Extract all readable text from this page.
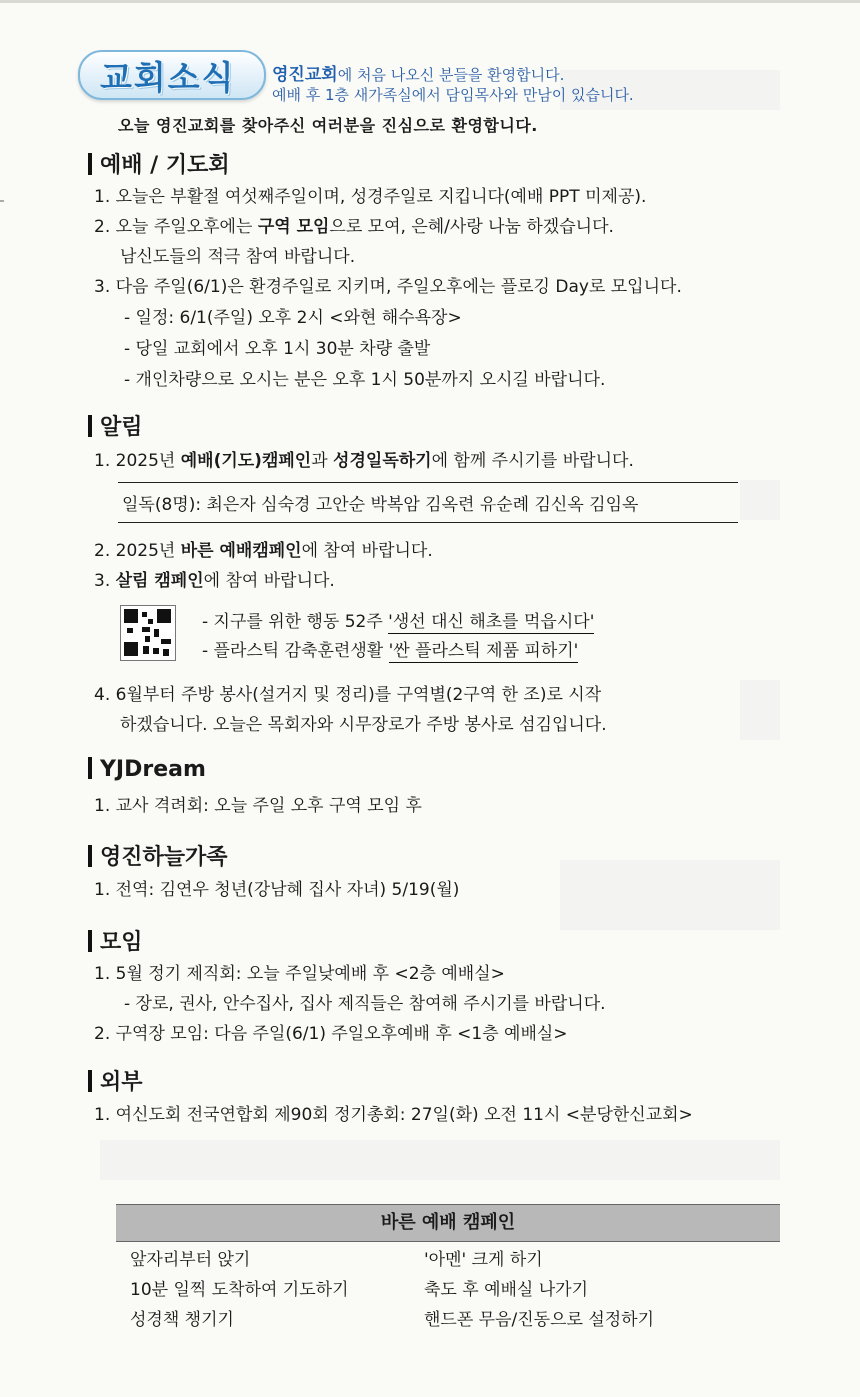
교회소식 영진교회에 처음 나오신 분들을 환영합니다.
예배 후 1층 새가족실에서 담임목사와 만남이 있습니다.
오늘 영진교회를 찾아주신 여러분을 진심으로 환영합니다.
예배 / 기도회
1. 오늘은 부활절 여섯째주일이며, 성경주일로 지킵니다(예배 PPT 미제공).
2. 오늘 주일오후에는 구역 모임으로 모여, 은혜/사랑 나눔 하겠습니다.
남신도들의 적극 참여 바랍니다.
3. 다음 주일(6/1)은 환경주일로 지키며, 주일오후에는 플로깅 Day로 모입니다.
- 일정: 6/1(주일) 오후 2시 <와현 해수욕장>
- 당일 교회에서 오후 1시 30분 차량 출발
- 개인차량으로 오시는 분은 오후 1시 50분까지 오시길 바랍니다.
알림
1. 2025년 예배(기도)캠페인과 성경일독하기에 함께 주시기를 바랍니다.
일독(8명): 최은자 심숙경 고안순 박복암 김옥련 유순례 김신옥 김임옥
2. 2025년 바른 예배캠페인에 참여 바랍니다.
3. 살림 캠페인에 참여 바랍니다.
- 지구를 위한 행동 52주 '생선 대신 해초를 먹읍시다'
- 플라스틱 감축훈련생활 '싼 플라스틱 제품 피하기'
4. 6월부터 주방 봉사(설거지 및 정리)를 구역별(2구역 한 조)로 시작
하겠습니다. 오늘은 목회자와 시무장로가 주방 봉사로 섬김입니다.
YJDream
1. 교사 격려회: 오늘 주일 오후 구역 모임 후
영진하늘가족
1. 전역: 김연우 청년(강남혜 집사 자녀) 5/19(월)
모임
1. 5월 정기 제직회: 오늘 주일낮예배 후 <2층 예배실>
- 장로, 권사, 안수집사, 집사 제직들은 참여해 주시기를 바랍니다.
2. 구역장 모임: 다음 주일(6/1) 주일오후예배 후 <1층 예배실>
외부
1. 여신도회 전국연합회 제90회 정기총회: 27일(화) 오전 11시 <분당한신교회>
바른 예배 캠페인
앞자리부터 앉기	'아멘' 크게 하기
10분 일찍 도착하여 기도하기	축도 후 예배실 나가기
성경책 챙기기	핸드폰 무음/진동으로 설정하기
